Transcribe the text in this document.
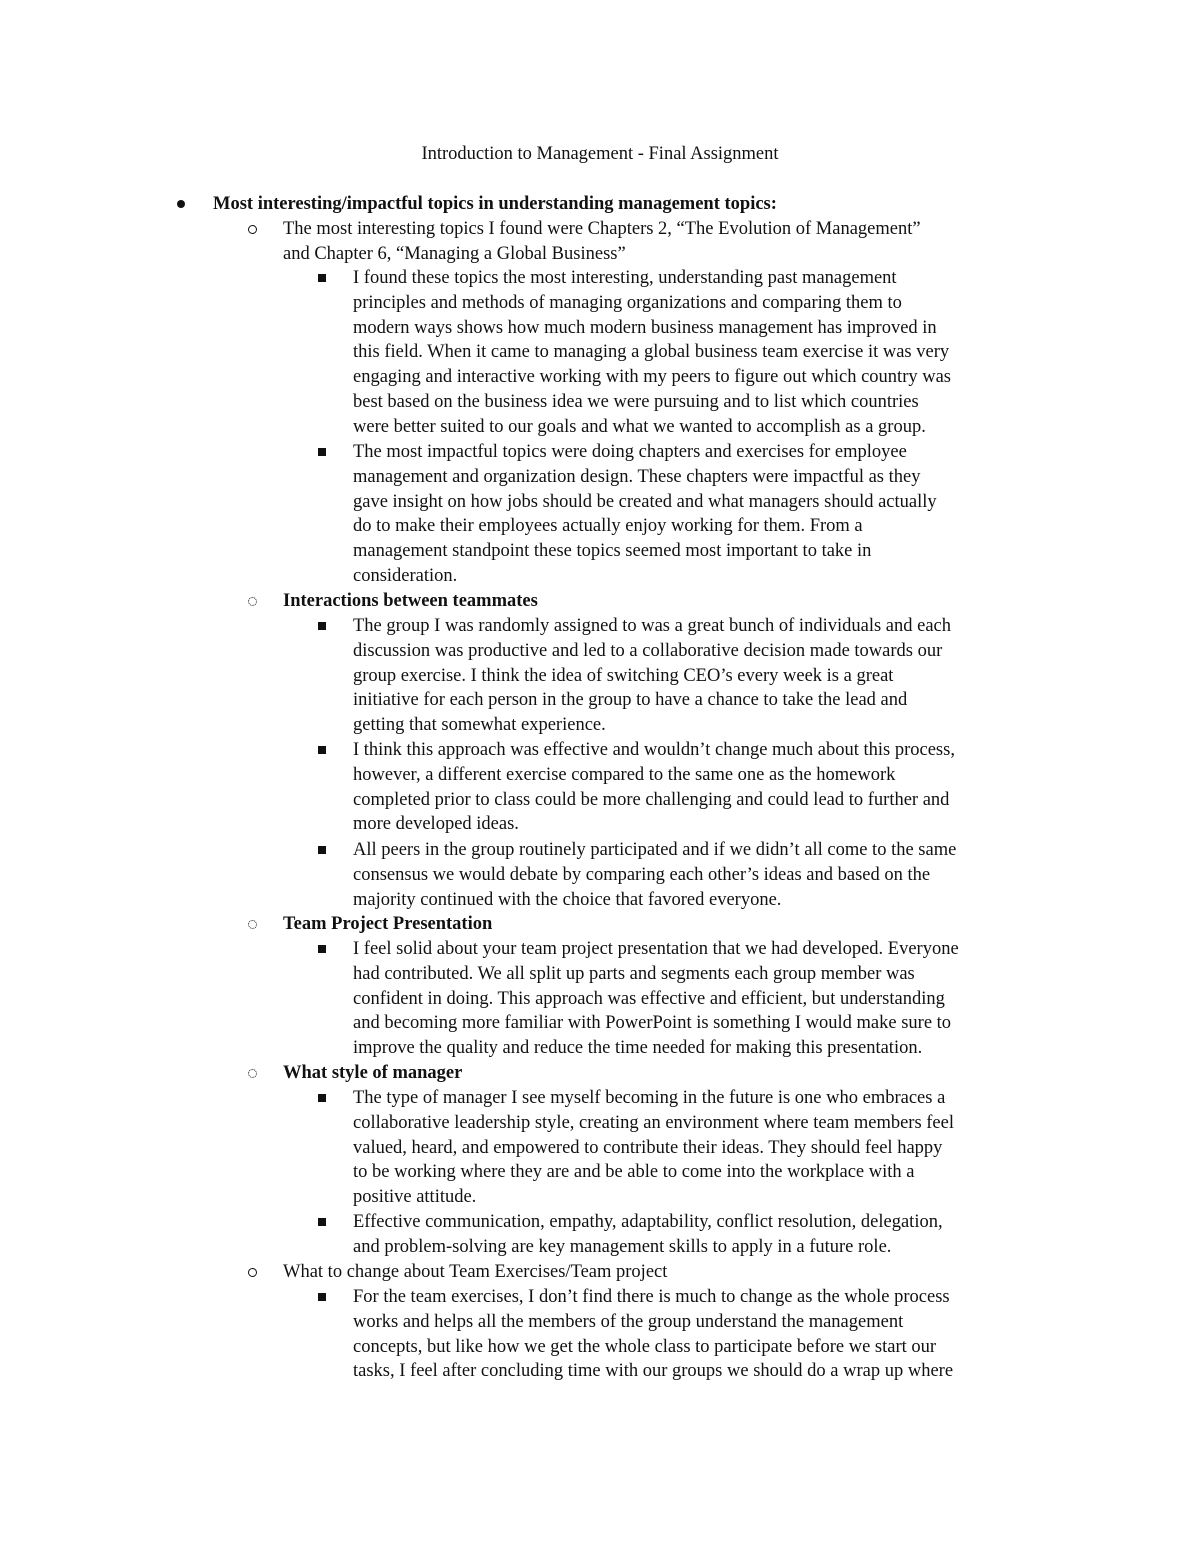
Introduction to Management - Final Assignment
Most interesting/impactful topics in understanding management topics:
The most interesting topics I found were Chapters 2, “The Evolution of Management”
and Chapter 6, “Managing a Global Business”
I found these topics the most interesting, understanding past management
principles and methods of managing organizations and comparing them to
modern ways shows how much modern business management has improved in
this field. When it came to managing a global business team exercise it was very
engaging and interactive working with my peers to figure out which country was
best based on the business idea we were pursuing and to list which countries
were better suited to our goals and what we wanted to accomplish as a group.
The most impactful topics were doing chapters and exercises for employee
management and organization design. These chapters were impactful as they
gave insight on how jobs should be created and what managers should actually
do to make their employees actually enjoy working for them. From a
management standpoint these topics seemed most important to take in
consideration.
Interactions between teammates
The group I was randomly assigned to was a great bunch of individuals and each
discussion was productive and led to a collaborative decision made towards our
group exercise. I think the idea of switching CEO’s every week is a great
initiative for each person in the group to have a chance to take the lead and
getting that somewhat experience.
I think this approach was effective and wouldn’t change much about this process,
however, a different exercise compared to the same one as the homework
completed prior to class could be more challenging and could lead to further and
more developed ideas.
All peers in the group routinely participated and if we didn’t all come to the same
consensus we would debate by comparing each other’s ideas and based on the
majority continued with the choice that favored everyone.
Team Project Presentation
I feel solid about your team project presentation that we had developed. Everyone
had contributed. We all split up parts and segments each group member was
confident in doing. This approach was effective and efficient, but understanding
and becoming more familiar with PowerPoint is something I would make sure to
improve the quality and reduce the time needed for making this presentation.
What style of manager
The type of manager I see myself becoming in the future is one who embraces a
collaborative leadership style, creating an environment where team members feel
valued, heard, and empowered to contribute their ideas. They should feel happy
to be working where they are and be able to come into the workplace with a
positive attitude.
Effective communication, empathy, adaptability, conflict resolution, delegation,
and problem-solving are key management skills to apply in a future role.
What to change about Team Exercises/Team project
For the team exercises, I don’t find there is much to change as the whole process
works and helps all the members of the group understand the management
concepts, but like how we get the whole class to participate before we start our
tasks, I feel after concluding time with our groups we should do a wrap up where
